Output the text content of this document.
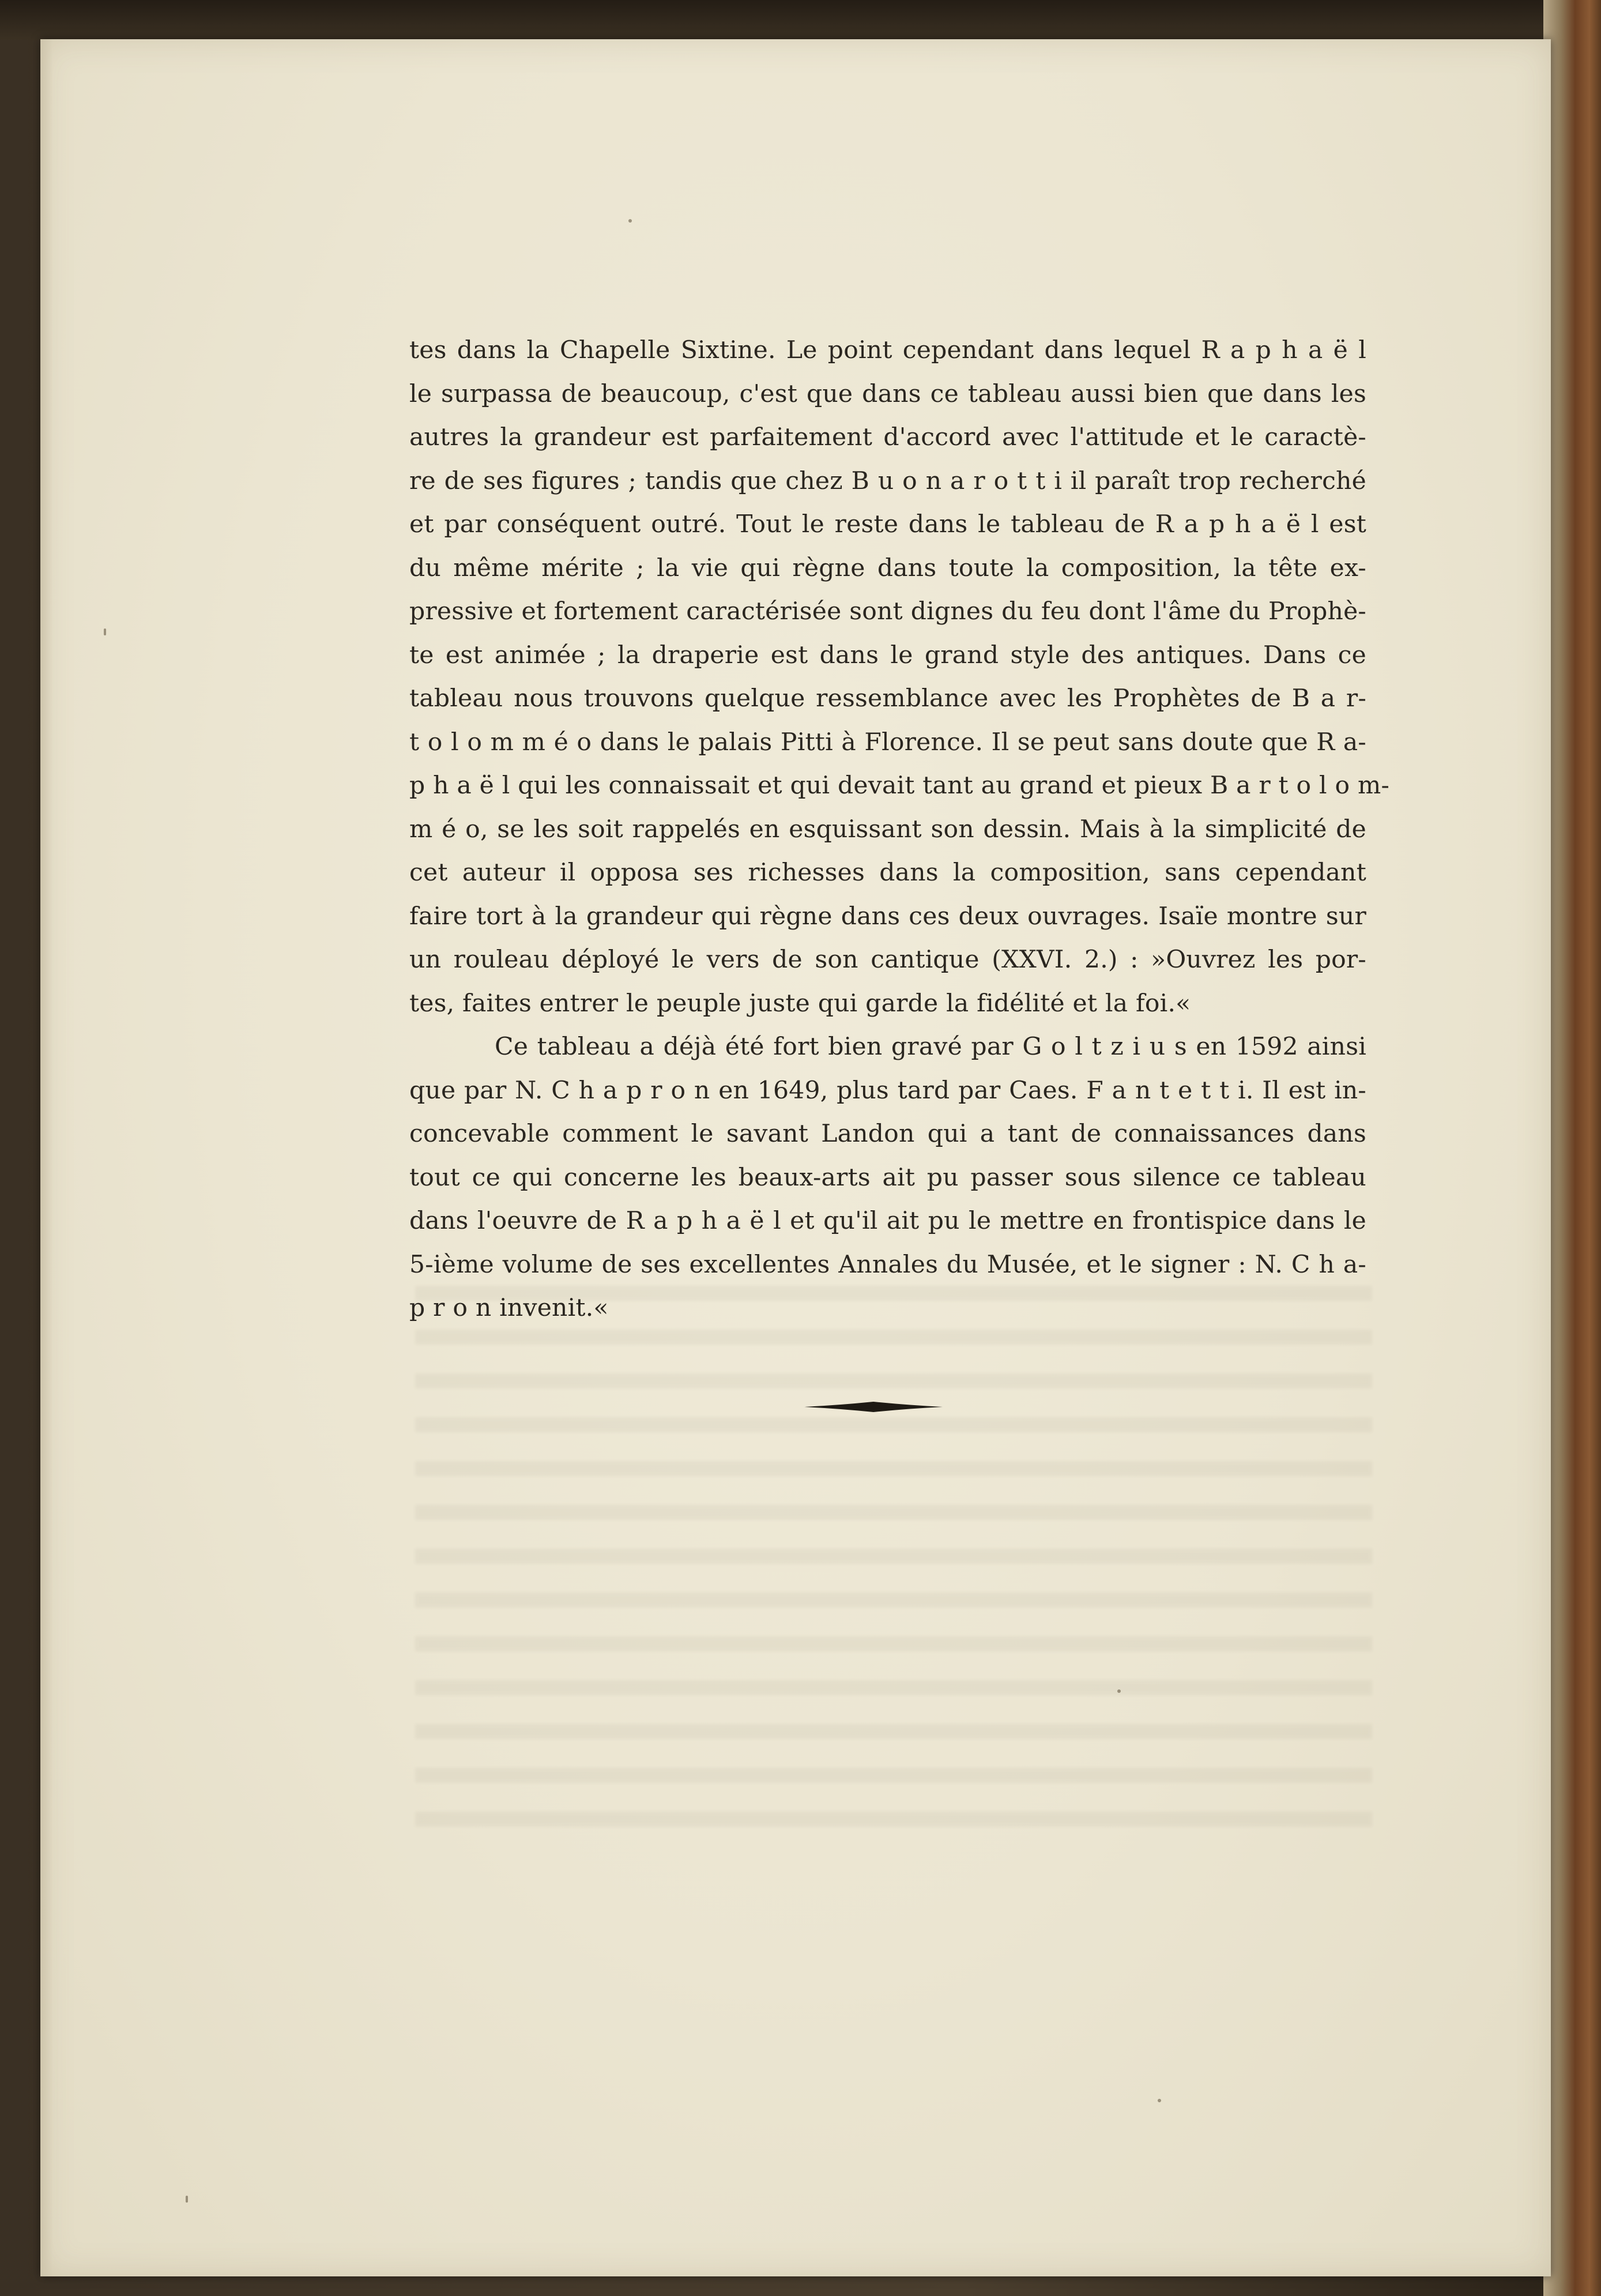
tes dans la Chapelle Sixtine. Le point cependant dans lequel R a p h a ë l
le surpassa de beaucoup, c'est que dans ce tableau aussi bien que dans les
autres la grandeur est parfaitement d'accord avec l'attitude et le caractè-
re de ses figures ; tandis que chez B u o n a r o t t i il paraît trop recherché
et par conséquent outré. Tout le reste dans le tableau de R a p h a ë l est
du même mérite ; la vie qui règne dans toute la composition, la tête ex-
pressive et fortement caractérisée sont dignes du feu dont l'âme du Prophè-
te est animée ; la draperie est dans le grand style des antiques. Dans ce
tableau nous trouvons quelque ressemblance avec les Prophètes de B a r-
t o l o m m é o dans le palais Pitti à Florence. Il se peut sans doute que R a-
p h a ë l qui les connaissait et qui devait tant au grand et pieux B a r t o l o m-
m é o, se les soit rappelés en esquissant son dessin. Mais à la simplicité de
cet auteur il opposa ses richesses dans la composition, sans cependant
faire tort à la grandeur qui règne dans ces deux ouvrages. Isaïe montre sur
un rouleau déployé le vers de son cantique (XXVI. 2.) : »Ouvrez les por-
tes, faites entrer le peuple juste qui garde la fidélité et la foi.«
Ce tableau a déjà été fort bien gravé par G o l t z i u s en 1592 ainsi
que par N. C h a p r o n en 1649, plus tard par Caes. F a n t e t t i. Il est in-
concevable comment le savant Landon qui a tant de connaissances dans
tout ce qui concerne les beaux-arts ait pu passer sous silence ce tableau
dans l'oeuvre de R a p h a ë l et qu'il ait pu le mettre en frontispice dans le
5-ième volume de ses excellentes Annales du Musée, et le signer : N. C h a-
p r o n invenit.«
